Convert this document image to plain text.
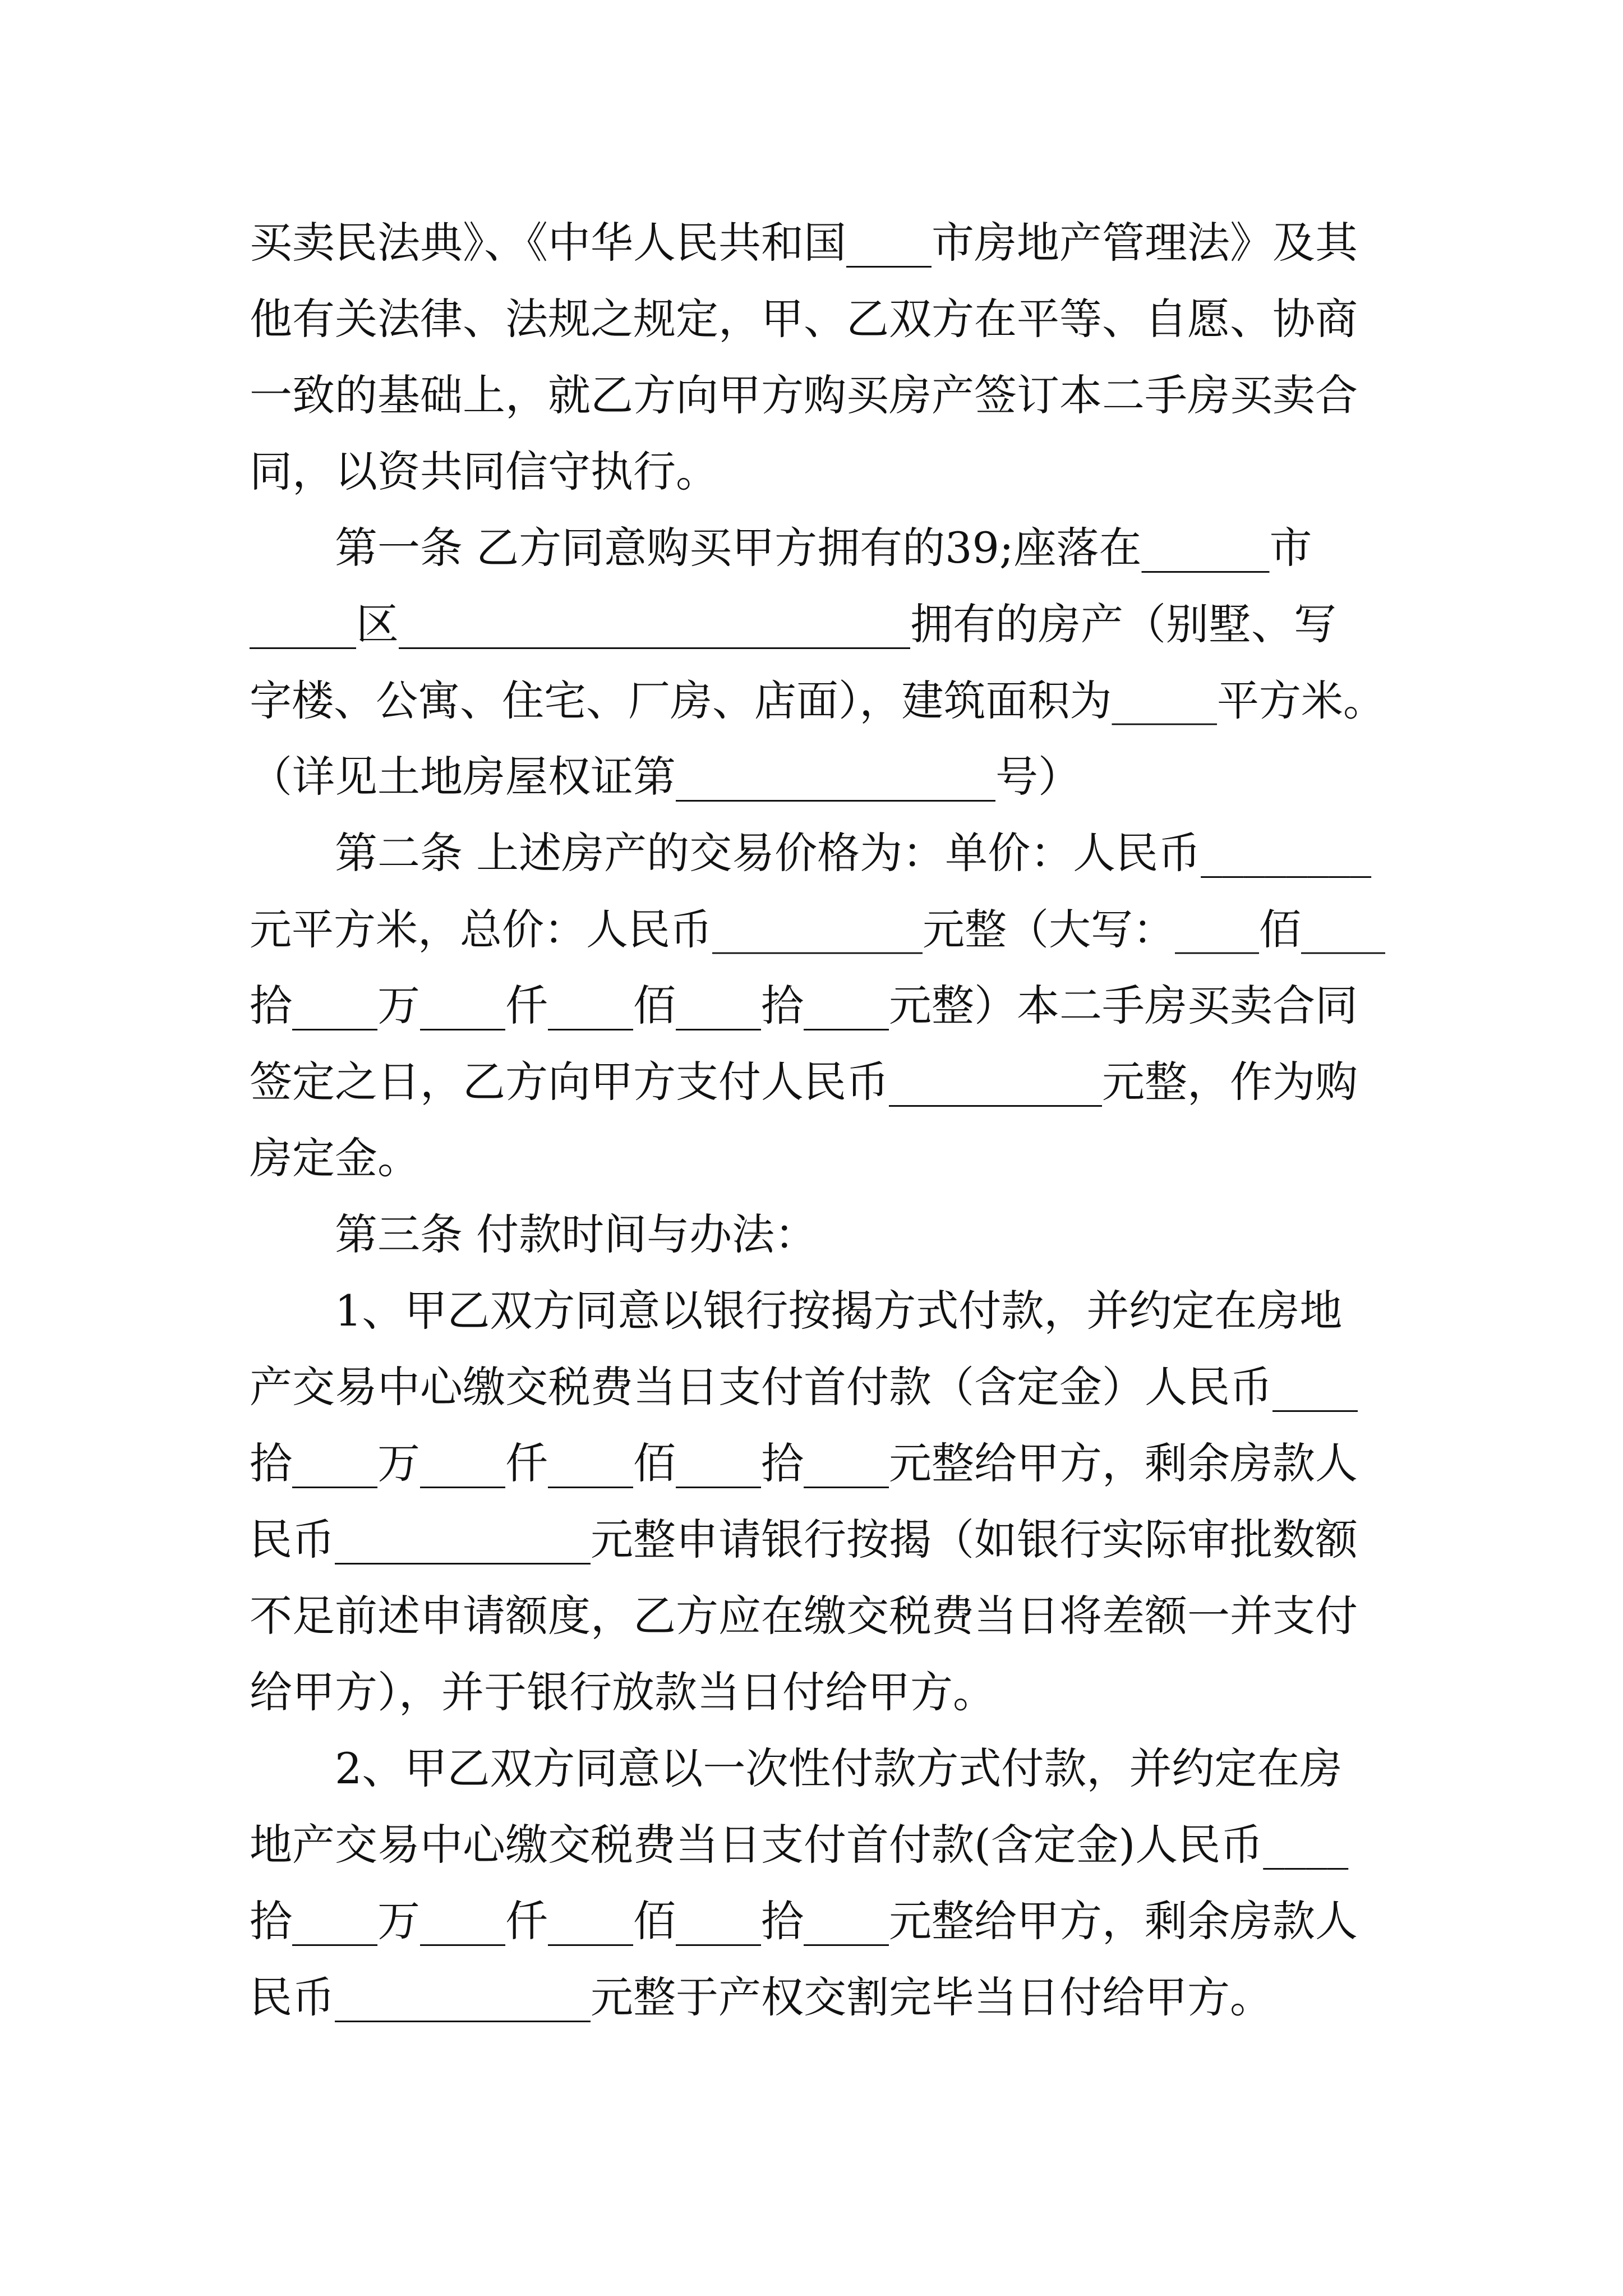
买卖民法典》、《中华人民共和国____市房地产管理法》及其
他有关法律、法规之规定，甲、乙双方在平等、自愿、协商
一致的基础上，就乙方向甲方购买房产签订本二手房买卖合
同，以资共同信守执行。
第一条 乙方同意购买甲方拥有的39;座落在______市
_____区________________________拥有的房产（别墅、写
字楼、公寓、住宅、厂房、店面），建筑面积为_____平方米。
（详见土地房屋权证第_______________号）
第二条 上述房产的交易价格为：单价：人民币________
元平方米，总价：人民币__________元整（大写：____佰____
拾____万____仟____佰____拾____元整）本二手房买卖合同
签定之日，乙方向甲方支付人民币__________元整，作为购
房定金。
第三条 付款时间与办法：
1、甲乙双方同意以银行按揭方式付款，并约定在房地
产交易中心缴交税费当日支付首付款（含定金）人民币____
拾____万____仟____佰____拾____元整给甲方，剩余房款人
民币____________元整申请银行按揭（如银行实际审批数额
不足前述申请额度，乙方应在缴交税费当日将差额一并支付
给甲方），并于银行放款当日付给甲方。
2、甲乙双方同意以一次性付款方式付款，并约定在房
地产交易中心缴交税费当日支付首付款(含定金)人民币____
拾____万____仟____佰____拾____元整给甲方，剩余房款人
民币____________元整于产权交割完毕当日付给甲方。
